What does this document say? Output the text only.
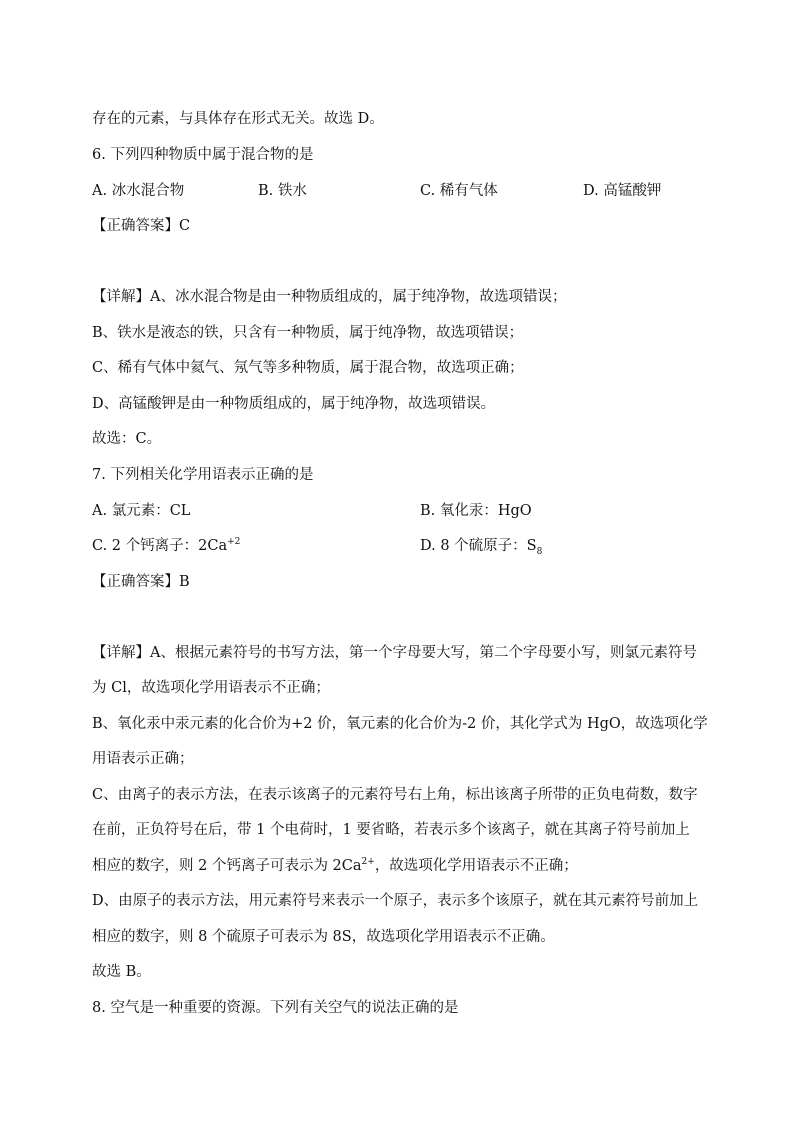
存在的元素，与具体存在形式无关。故选 D。
6. 下列四种物质中属于混合物的是
A. 冰水混合物	B. 铁水	C. 稀有气体	D. 高锰酸钾
【正确答案】C
【详解】A、冰水混合物是由一种物质组成的，属于纯净物，故选项错误；
B、铁水是液态的铁，只含有一种物质，属于纯净物，故选项错误；
C、稀有气体中氦气、氖气等多种物质，属于混合物，故选项正确；
D、高锰酸钾是由一种物质组成的，属于纯净物，故选项错误。
故选：C。
7. 下列相关化学用语表示正确的是
A. 氯元素：CL	B. 氧化汞：HgO
C. 2 个钙离子：$2Ca^{+2}$	D. 8 个硫原子：$S_8$
【正确答案】B
【详解】A、根据元素符号的书写方法，第一个字母要大写，第二个字母要小写，则氯元素符号
为 Cl，故选项化学用语表示不正确；
B、氧化汞中汞元素的化合价为+2 价，氧元素的化合价为-2 价，其化学式为 HgO，故选项化学
用语表示正确；
C、由离子的表示方法，在表示该离子的元素符号右上角，标出该离子所带的正负电荷数，数字
在前，正负符号在后，带 1 个电荷时，1 要省略，若表示多个该离子，就在其离子符号前加上
相应的数字，则 2 个钙离子可表示为 $2Ca^{2+}$，故选项化学用语表示不正确；
D、由原子的表示方法，用元素符号来表示一个原子，表示多个该原子，就在其元素符号前加上
相应的数字，则 8 个硫原子可表示为 8S，故选项化学用语表示不正确。
故选 B。
8. 空气是一种重要的资源。下列有关空气的说法正确的是
